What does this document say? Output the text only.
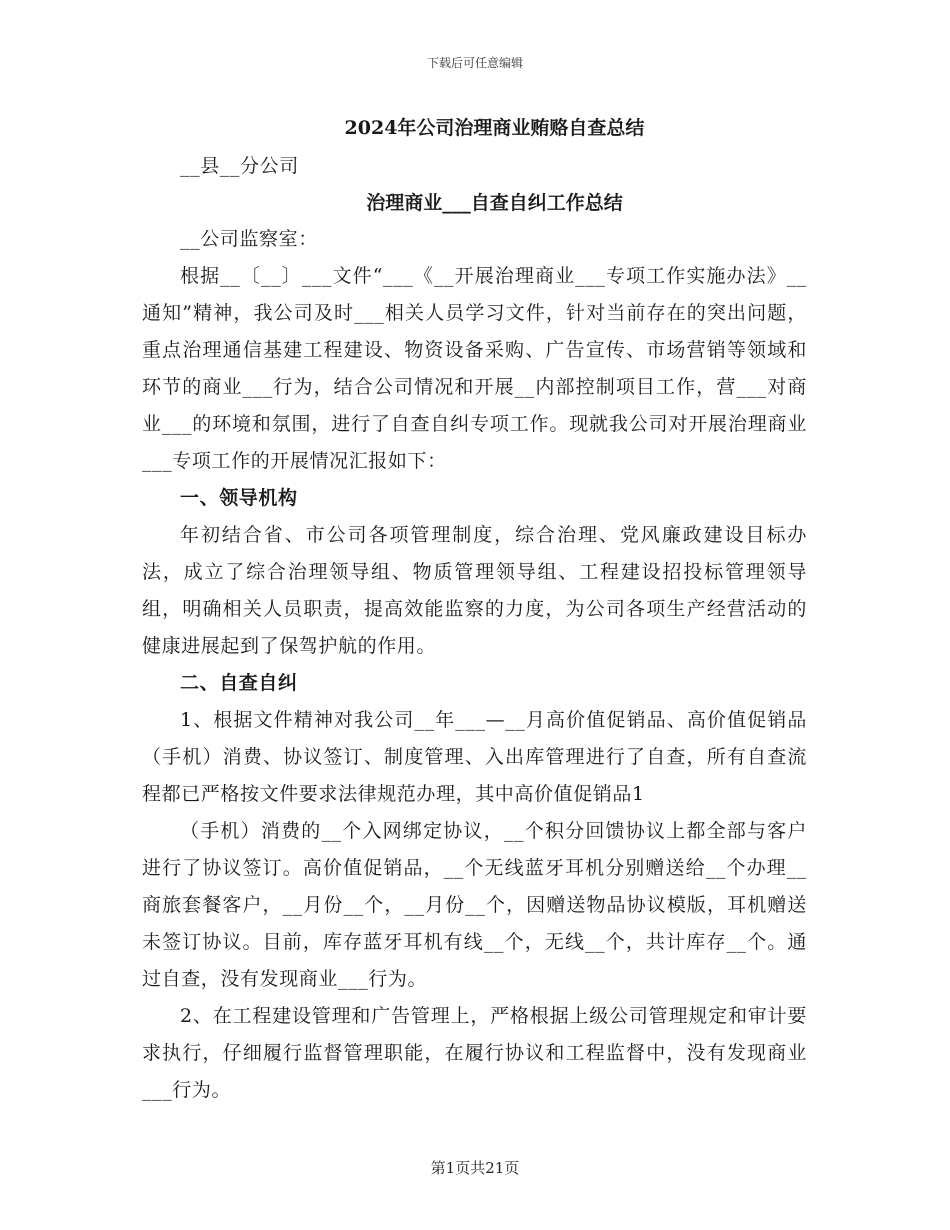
下载后可任意编辑
2024年公司治理商业贿赂自查总结

__县__分公司

治理商业___自查自纠工作总结

__公司监察室：

根据__〔__〕___文件“___《__开展治理商业___专项工作实施办法》__通知”精神，我公司及时___相关人员学习文件，针对当前存在的突出问题，重点治理通信基建工程建设、物资设备采购、广告宣传、市场营销等领域和环节的商业___行为，结合公司情况和开展__内部控制项目工作，营___对商业___的环境和氛围，进行了自查自纠专项工作。现就我公司对开展治理商业___专项工作的开展情况汇报如下：

一、领导机构

年初结合省、市公司各项管理制度，综合治理、党风廉政建设目标办法，成立了综合治理领导组、物质管理领导组、工程建设招投标管理领导组，明确相关人员职责，提高效能监察的力度，为公司各项生产经营活动的健康进展起到了保驾护航的作用。

二、自查自纠

1、根据文件精神对我公司__年___—__月高价值促销品、高价值促销品（手机）消费、协议签订、制度管理、入出库管理进行了自查，所有自查流程都已严格按文件要求法律规范办理，其中高价值促销品1

（手机）消费的__个入网绑定协议，__个积分回馈协议上都全部与客户进行了协议签订。高价值促销品，__个无线蓝牙耳机分别赠送给__个办理__商旅套餐客户，__月份__个，__月份__个，因赠送物品协议模版，耳机赠送未签订协议。目前，库存蓝牙耳机有线__个，无线__个，共计库存__个。通过自查，没有发现商业___行为。

2、在工程建设管理和广告管理上，严格根据上级公司管理规定和审计要求执行，仔细履行监督管理职能，在履行协议和工程监督中，没有发现商业___行为。

第1页共21页
